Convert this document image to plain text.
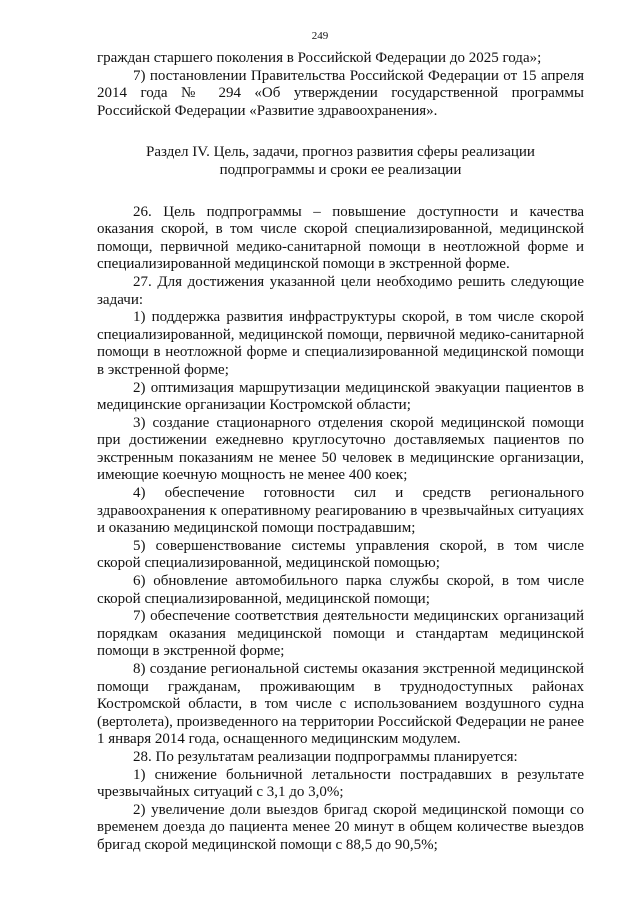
249

граждан старшего поколения в Российской Федерации до 2025 года»;

7) постановлении Правительства Российской Федерации от 15 апреля 2014 года № 294 «Об утверждении государственной программы Российской Федерации «Развитие здравоохранения».

Раздел IV. Цель, задачи, прогноз развития сферы реализации
подпрограммы и сроки ее реализации

26. Цель подпрограммы – повышение доступности и качества оказания скорой, в том числе скорой специализированной, медицинской помощи, первичной медико-санитарной помощи в неотложной форме и специализированной медицинской помощи в экстренной форме.

27. Для достижения указанной цели необходимо решить следующие задачи:

1) поддержка развития инфраструктуры скорой, в том числе скорой специализированной, медицинской помощи, первичной медико-санитарной помощи в неотложной форме и специализированной медицинской помощи в экстренной форме;

2) оптимизация маршрутизации медицинской эвакуации пациентов в медицинские организации Костромской области;

3) создание стационарного отделения скорой медицинской помощи при достижении ежедневно круглосуточно доставляемых пациентов по экстренным показаниям не менее 50 человек в медицинские организации, имеющие коечную мощность не менее 400 коек;

4) обеспечение готовности сил и средств регионального здравоохранения к оперативному реагированию в чрезвычайных ситуациях и оказанию медицинской помощи пострадавшим;

5) совершенствование системы управления скорой, в том числе скорой специализированной, медицинской помощью;

6) обновление автомобильного парка службы скорой, в том числе скорой специализированной, медицинской помощи;

7) обеспечение соответствия деятельности медицинских организаций порядкам оказания медицинской помощи и стандартам медицинской помощи в экстренной форме;

8) создание региональной системы оказания экстренной медицинской помощи гражданам, проживающим в труднодоступных районах Костромской области, в том числе с использованием воздушного судна (вертолета), произведенного на территории Российской Федерации не ранее 1 января 2014 года, оснащенного медицинским модулем.

28. По результатам реализации подпрограммы планируется:

1) снижение больничной летальности пострадавших в результате чрезвычайных ситуаций с 3,1 до 3,0%;

2) увеличение доли выездов бригад скорой медицинской помощи со временем доезда до пациента менее 20 минут в общем количестве выездов бригад скорой медицинской помощи с 88,5 до 90,5%;
